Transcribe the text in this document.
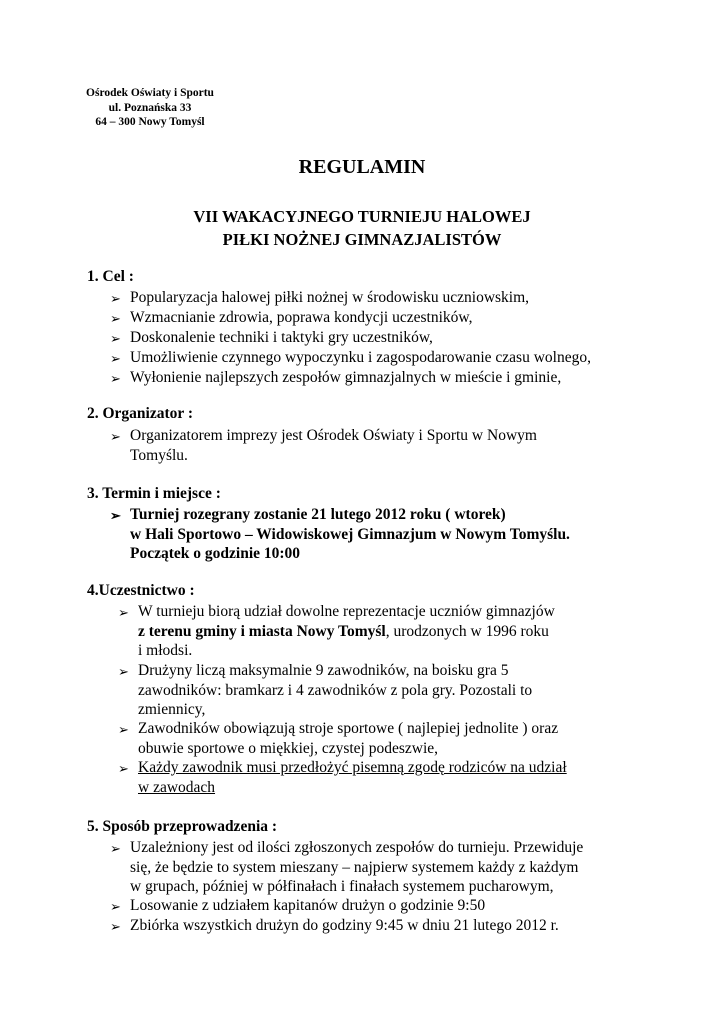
Ośrodek Oświaty i Sportu
ul. Poznańska 33
64 – 300 Nowy Tomyśl
REGULAMIN
VII WAKACYJNEGO TURNIEJU HALOWEJ
PIŁKI NOŻNEJ GIMNAZJALISTÓW
1. Cel :
➢ Popularyzacja halowej piłki nożnej w środowisku uczniowskim,
➢ Wzmacnianie zdrowia, poprawa kondycji uczestników,
➢ Doskonalenie techniki i taktyki gry uczestników,
➢ Umożliwienie czynnego wypoczynku i zagospodarowanie czasu wolnego,
➢ Wyłonienie najlepszych zespołów gimnazjalnych w mieście i gminie,
2. Organizator :
➢ Organizatorem imprezy jest Ośrodek Oświaty i Sportu w Nowym
Tomyślu.
3. Termin i miejsce :
➢ Turniej rozegrany zostanie 21 lutego 2012 roku ( wtorek)
w Hali Sportowo – Widowiskowej Gimnazjum w Nowym Tomyślu.
Początek o godzinie 10:00
4.Uczestnictwo :
➢ W turnieju biorą udział dowolne reprezentacje uczniów gimnazjów
z terenu gminy i miasta Nowy Tomyśl, urodzonych w 1996 roku
i młodsi.
➢ Drużyny liczą maksymalnie 9 zawodników, na boisku gra 5
zawodników: bramkarz i 4 zawodników z pola gry. Pozostali to
zmiennicy,
➢ Zawodników obowiązują stroje sportowe ( najlepiej jednolite ) oraz
obuwie sportowe o miękkiej, czystej podeszwie,
➢ Każdy zawodnik musi przedłożyć pisemną zgodę rodziców na udział
w zawodach
5. Sposób przeprowadzenia :
➢ Uzależniony jest od ilości zgłoszonych zespołów do turnieju. Przewiduje
się, że będzie to system mieszany – najpierw systemem każdy z każdym
w grupach, później w półfinałach i finałach systemem pucharowym,
➢ Losowanie z udziałem kapitanów drużyn o godzinie 9:50
➢ Zbiórka wszystkich drużyn do godziny 9:45 w dniu 21 lutego 2012 r.
